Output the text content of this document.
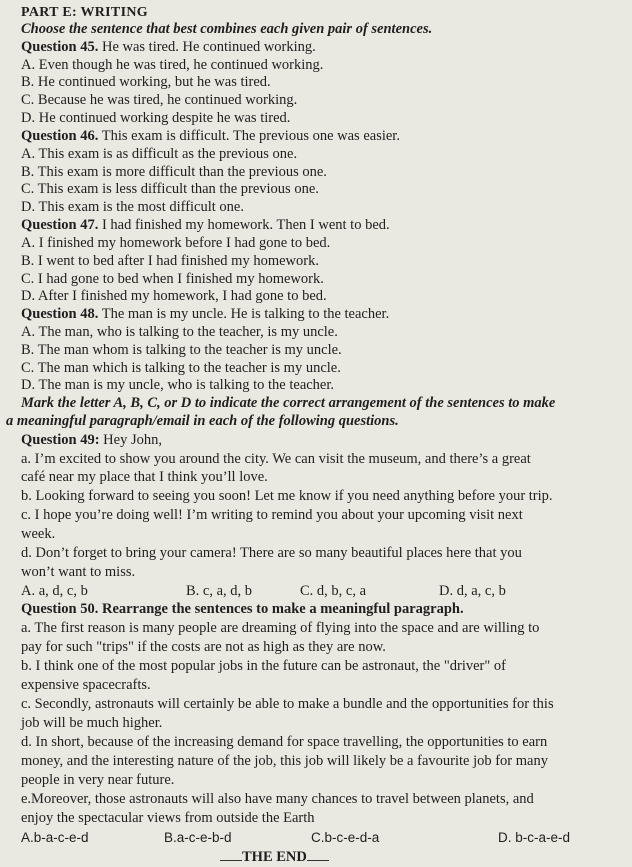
PART E: WRITING
Choose the sentence that best combines each given pair of sentences.
Question 45. He was tired. He continued working.
A. Even though he was tired, he continued working.
B. He continued working, but he was tired.
C. Because he was tired, he continued working.
D. He continued working despite he was tired.
Question 46. This exam is difficult. The previous one was easier.
A. This exam is as difficult as the previous one.
B. This exam is more difficult than the previous one.
C. This exam is less difficult than the previous one.
D. This exam is the most difficult one.
Question 47. I had finished my homework. Then I went to bed.
A. I finished my homework before I had gone to bed.
B. I went to bed after I had finished my homework.
C. I had gone to bed when I finished my homework.
D. After I finished my homework, I had gone to bed.
Question 48. The man is my uncle. He is talking to the teacher.
A. The man, who is talking to the teacher, is my uncle.
B. The man whom is talking to the teacher is my uncle.
C. The man which is talking to the teacher is my uncle.
D. The man is my uncle, who is talking to the teacher.
Mark the letter A, B, C, or D to indicate the correct arrangement of the sentences to make
a meaningful paragraph/email in each of the following questions.
Question 49: Hey John,
a. I’m excited to show you around the city. We can visit the museum, and there’s a great
café near my place that I think you’ll love.
b. Looking forward to seeing you soon! Let me know if you need anything before your trip.
c. I hope you’re doing well! I’m writing to remind you about your upcoming visit next
week.
d. Don’t forget to bring your camera! There are so many beautiful places here that you
won’t want to miss.
A. a, d, c, b	B. c, a, d, b	C. d, b, c, a	D. d, a, c, b
Question 50. Rearrange the sentences to make a meaningful paragraph.
a. The first reason is many people are dreaming of flying into the space and are willing to
pay for such "trips" if the costs are not as high as they are now.
b. I think one of the most popular jobs in the future can be astronaut, the "driver" of
expensive spacecrafts.
c. Secondly, astronauts will certainly be able to make a bundle and the opportunities for this
job will be much higher.
d. In short, because of the increasing demand for space travelling, the opportunities to earn
money, and the interesting nature of the job, this job will likely be a favourite job for many
people in very near future.
e.Moreover, those astronauts will also have many chances to travel between planets, and
enjoy the spectacular views from outside the Earth
A.b-a-c-e-d	B.a-c-e-b-d	C.b-c-e-d-a	D. b-c-a-e-d
THE END
